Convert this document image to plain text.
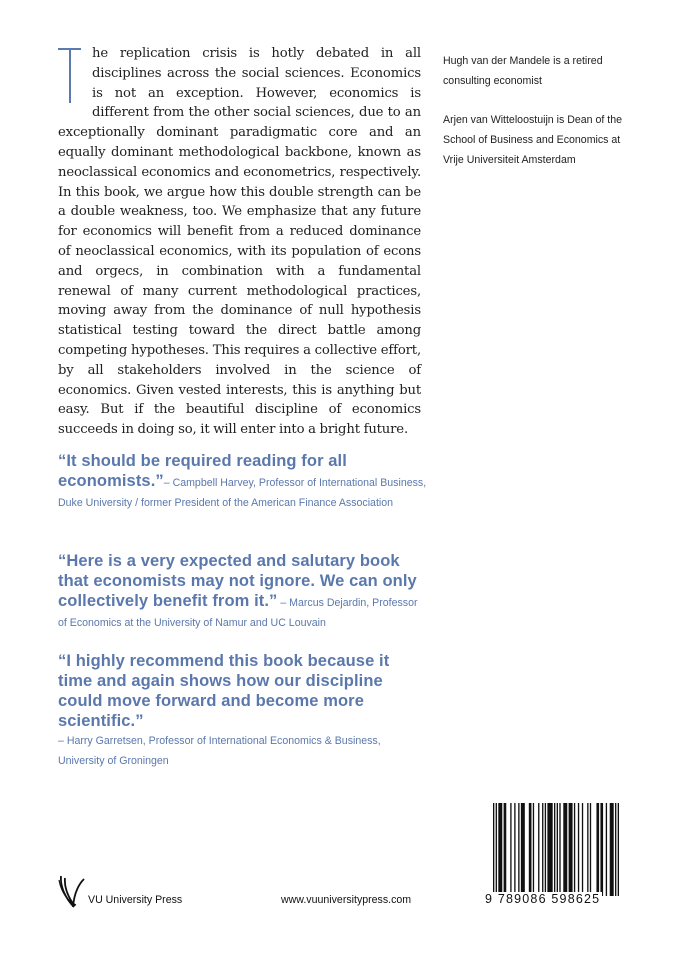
he replication crisis is hotly debated in all disciplines across the social sciences. Economics is not an exception. However, economics is different from the other social sciences, due to an exceptionally dominant paradigmatic core and an equally dominant methodological backbone, known as neoclassical economics and econometrics, respectively. In this book, we argue how this double strength can be a double weakness, too. We emphasize that any future for economics will benefit from a reduced dominance of neoclassical economics, with its population of econs and orgecs, in combination with a fundamental renewal of many current methodological practices, moving away from the dominance of null hypothesis statistical testing toward the direct battle among competing hypotheses. This requires a collective effort, by all stakeholders involved in the science of economics. Given vested interests, this is anything but easy. But if the beautiful discipline of economics succeeds in doing so, it will enter into a bright future.

Hugh van der Mandele is a retired consulting economist

Arjen van Witteloostuijn is Dean of the School of Business and Economics at Vrije Universiteit Amsterdam

“It should be required reading for all economists.”– Campbell Harvey, Professor of International Business, Duke University / former President of the American Finance Association
“Here is a very expected and salutary book that economists may not ignore. We can only collectively benefit from it.” – Marcus Dejardin, Professor of Economics at the University of Namur and UC Louvain
“I highly recommend this book because it time and again shows how our discipline could move forward and become more scientific.”
– Harry Garretsen, Professor of International Economics & Business, University of Groningen
VU University Press	www.vuuniversitypress.com	9 789086 598625
